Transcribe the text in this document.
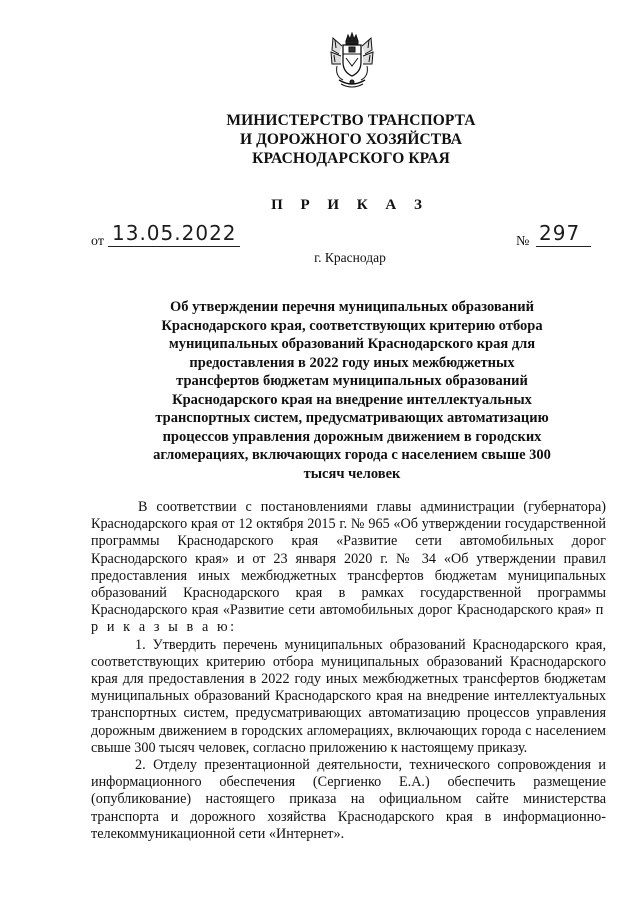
МИНИСТЕРСТВО ТРАНСПОРТА
И ДОРОЖНОГО ХОЗЯЙСТВА
КРАСНОДАРСКОГО КРАЯ
П Р И К А З
от 13.05.2022	№ 297
г. Краснодар

Об утверждении перечня муниципальных образований Краснодарского края, соответствующих критерию отбора муниципальных образований Краснодарского края для предоставления в 2022 году иных межбюджетных трансфертов бюджетам муниципальных образований Краснодарского края на внедрение интеллектуальных транспортных систем, предусматривающих автоматизацию процессов управления дорожным движением в городских агломерациях, включающих города с населением свыше 300 тысяч человек

В соответствии с постановлениями главы администрации (губернатора) Краснодарского края от 12 октября 2015 г. № 965 «Об утверждении государственной программы Краснодарского края «Развитие сети автомобильных дорог Краснодарского края» и от 23 января 2020 г. № 34 «Об утверждении правил предоставления иных межбюджетных трансфертов бюджетам муниципальных образований Краснодарского края в рамках государственной программы Краснодарского края «Развитие сети автомобильных дорог Краснодарского края» п р и к а з ы в а ю:

1. Утвердить перечень муниципальных образований Краснодарского края, соответствующих критерию отбора муниципальных образований Краснодарского края для предоставления в 2022 году иных межбюджетных трансфертов бюджетам муниципальных образований Краснодарского края на внедрение интеллектуальных транспортных систем, предусматривающих автоматизацию процессов управления дорожным движением в городских агломерациях, включающих города с населением свыше 300 тысяч человек, согласно приложению к настоящему приказу.

2. Отделу презентационной деятельности, технического сопровождения и информационного обеспечения (Сергиенко Е.А.) обеспечить размещение (опубликование) настоящего приказа на официальном сайте министерства транспорта и дорожного хозяйства Краснодарского края в информационно-телекоммуникационной сети «Интернет».
